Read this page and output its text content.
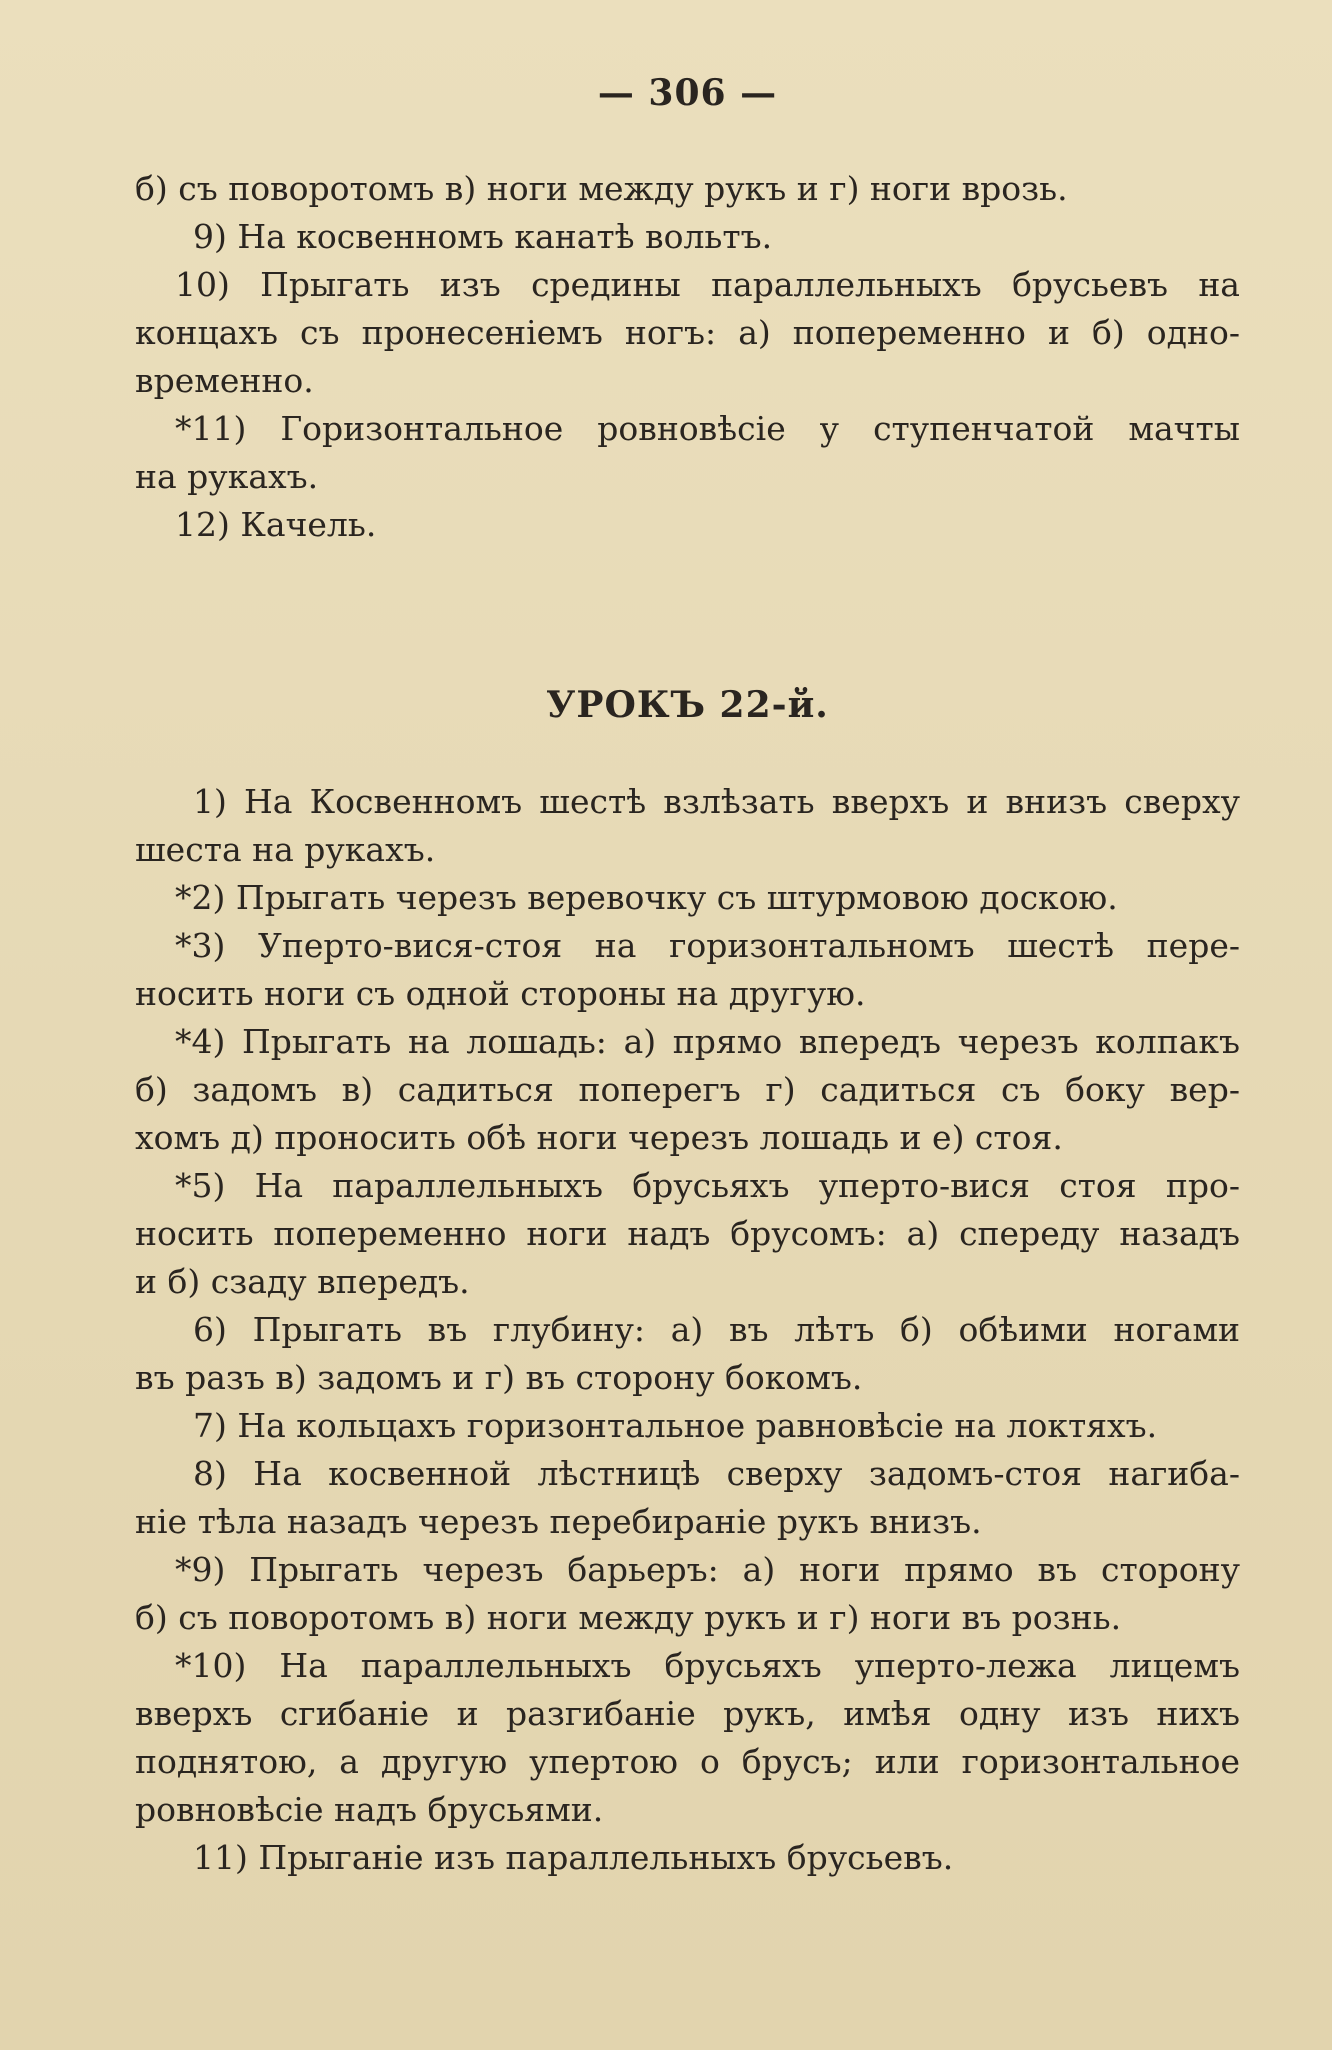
— 306 —
б) съ поворотомъ в) ноги между рукъ и г) ноги врозь.
9) На косвенномъ канатѣ вольтъ.
10) Прыгать изъ средины параллельныхъ брусьевъ на
концахъ съ пронесеніемъ ногъ: а) попеременно и б) одно-
временно.
*11) Горизонтальное ровновѣсіе у ступенчатой мачты
на рукахъ.
12) Качель.
УРОКЪ 22-й.
1) На Косвенномъ шестѣ взлѣзать вверхъ и внизъ сверху
шеста на рукахъ.
*2) Прыгать черезъ веревочку съ штурмовою доскою.
*3) Уперто-вися-стоя на горизонтальномъ шестѣ пере-
носить ноги съ одной стороны на другую.
*4) Прыгать на лошадь: а) прямо впередъ черезъ колпакъ
б) задомъ в) садиться поперегъ г) садиться съ боку вер-
хомъ д) проносить обѣ ноги черезъ лошадь и е) стоя.
*5) На параллельныхъ брусьяхъ уперто-вися стоя про-
носить попеременно ноги надъ брусомъ: а) спереду назадъ
и б) сзаду впередъ.
6) Прыгать въ глубину: а) въ лѣтъ б) обѣими ногами
въ разъ в) задомъ и г) въ сторону бокомъ.
7) На кольцахъ горизонтальное равновѣсіе на локтяхъ.
8) На косвенной лѣстницѣ сверху задомъ-стоя нагиба-
ніе тѣла назадъ черезъ перебираніе рукъ внизъ.
*9) Прыгать черезъ барьеръ: а) ноги прямо въ сторону
б) съ поворотомъ в) ноги между рукъ и г) ноги въ рознь.
*10) На параллельныхъ брусьяхъ уперто-лежа лицемъ
вверхъ сгибаніе и разгибаніе рукъ, имѣя одну изъ нихъ
поднятою, а другую упертою о брусъ; или горизонтальное
ровновѣсіе надъ брусьями.
11) Прыганіе изъ параллельныхъ брусьевъ.
